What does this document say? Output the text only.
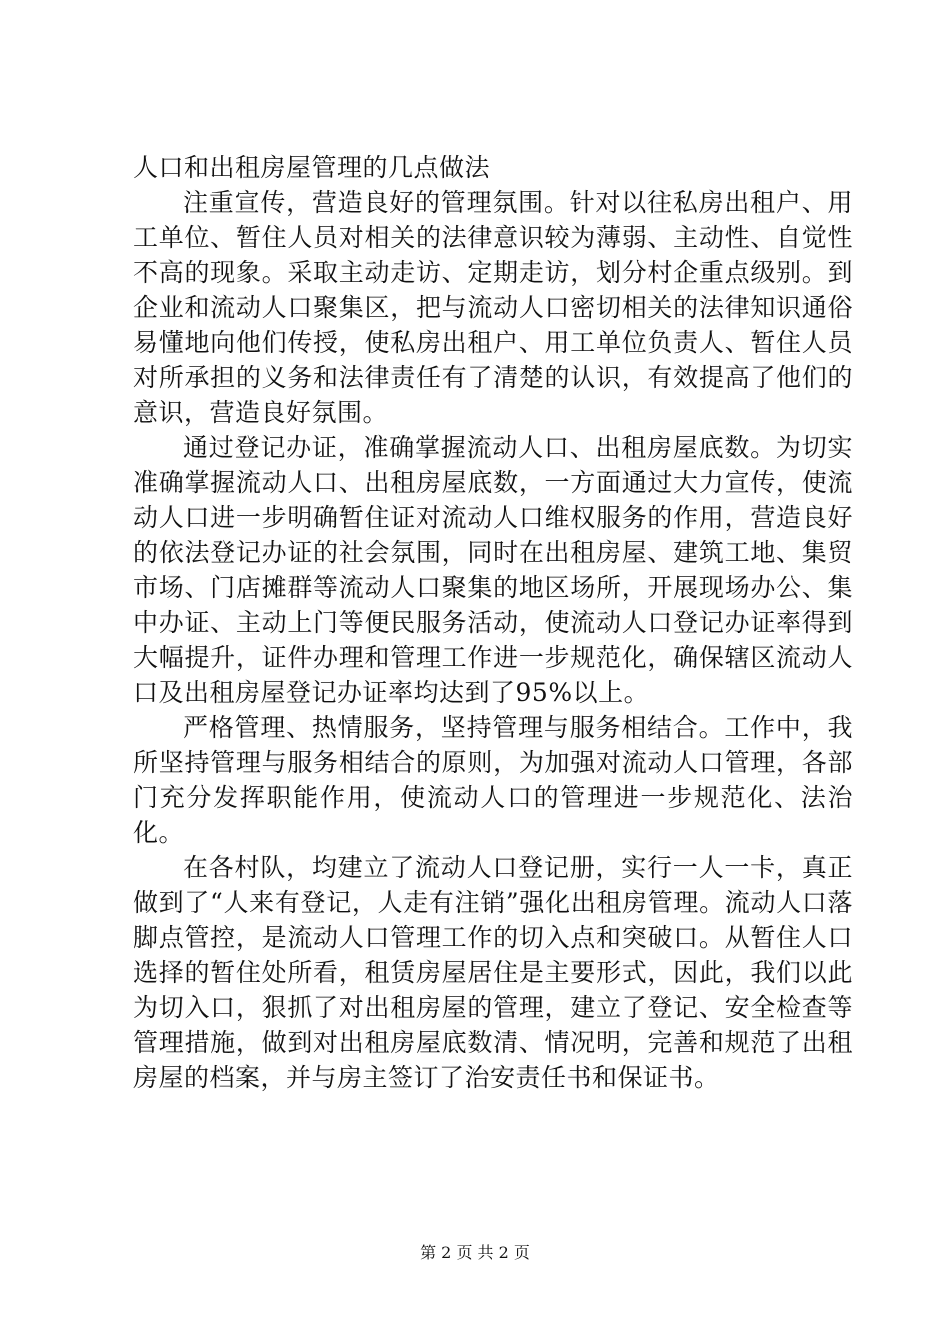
人口和出租房屋管理的几点做法

注重宣传，营造良好的管理氛围。针对以往私房出租户、用工单位、暂住人员对相关的法律意识较为薄弱、主动性、自觉性不高的现象。采取主动走访、定期走访，划分村企重点级别。到企业和流动人口聚集区，把与流动人口密切相关的法律知识通俗易懂地向他们传授，使私房出租户、用工单位负责人、暂住人员对所承担的义务和法律责任有了清楚的认识，有效提高了他们的意识，营造良好氛围。

通过登记办证，准确掌握流动人口、出租房屋底数。为切实准确掌握流动人口、出租房屋底数，一方面通过大力宣传，使流动人口进一步明确暂住证对流动人口维权服务的作用，营造良好的依法登记办证的社会氛围，同时在出租房屋、建筑工地、集贸市场、门店摊群等流动人口聚集的地区场所，开展现场办公、集中办证、主动上门等便民服务活动，使流动人口登记办证率得到大幅提升，证件办理和管理工作进一步规范化，确保辖区流动人口及出租房屋登记办证率均达到了95%以上。

严格管理、热情服务，坚持管理与服务相结合。工作中，我所坚持管理与服务相结合的原则，为加强对流动人口管理，各部门充分发挥职能作用，使流动人口的管理进一步规范化、法治化。

在各村队，均建立了流动人口登记册，实行一人一卡，真正做到了“人来有登记，人走有注销”强化出租房管理。流动人口落脚点管控，是流动人口管理工作的切入点和突破口。从暂住人口选择的暂住处所看，租赁房屋居住是主要形式，因此，我们以此为切入口，狠抓了对出租房屋的管理，建立了登记、安全检查等管理措施，做到对出租房屋底数清、情况明，完善和规范了出租房屋的档案，并与房主签订了治安责任书和保证书。

第 2 页 共 2 页
